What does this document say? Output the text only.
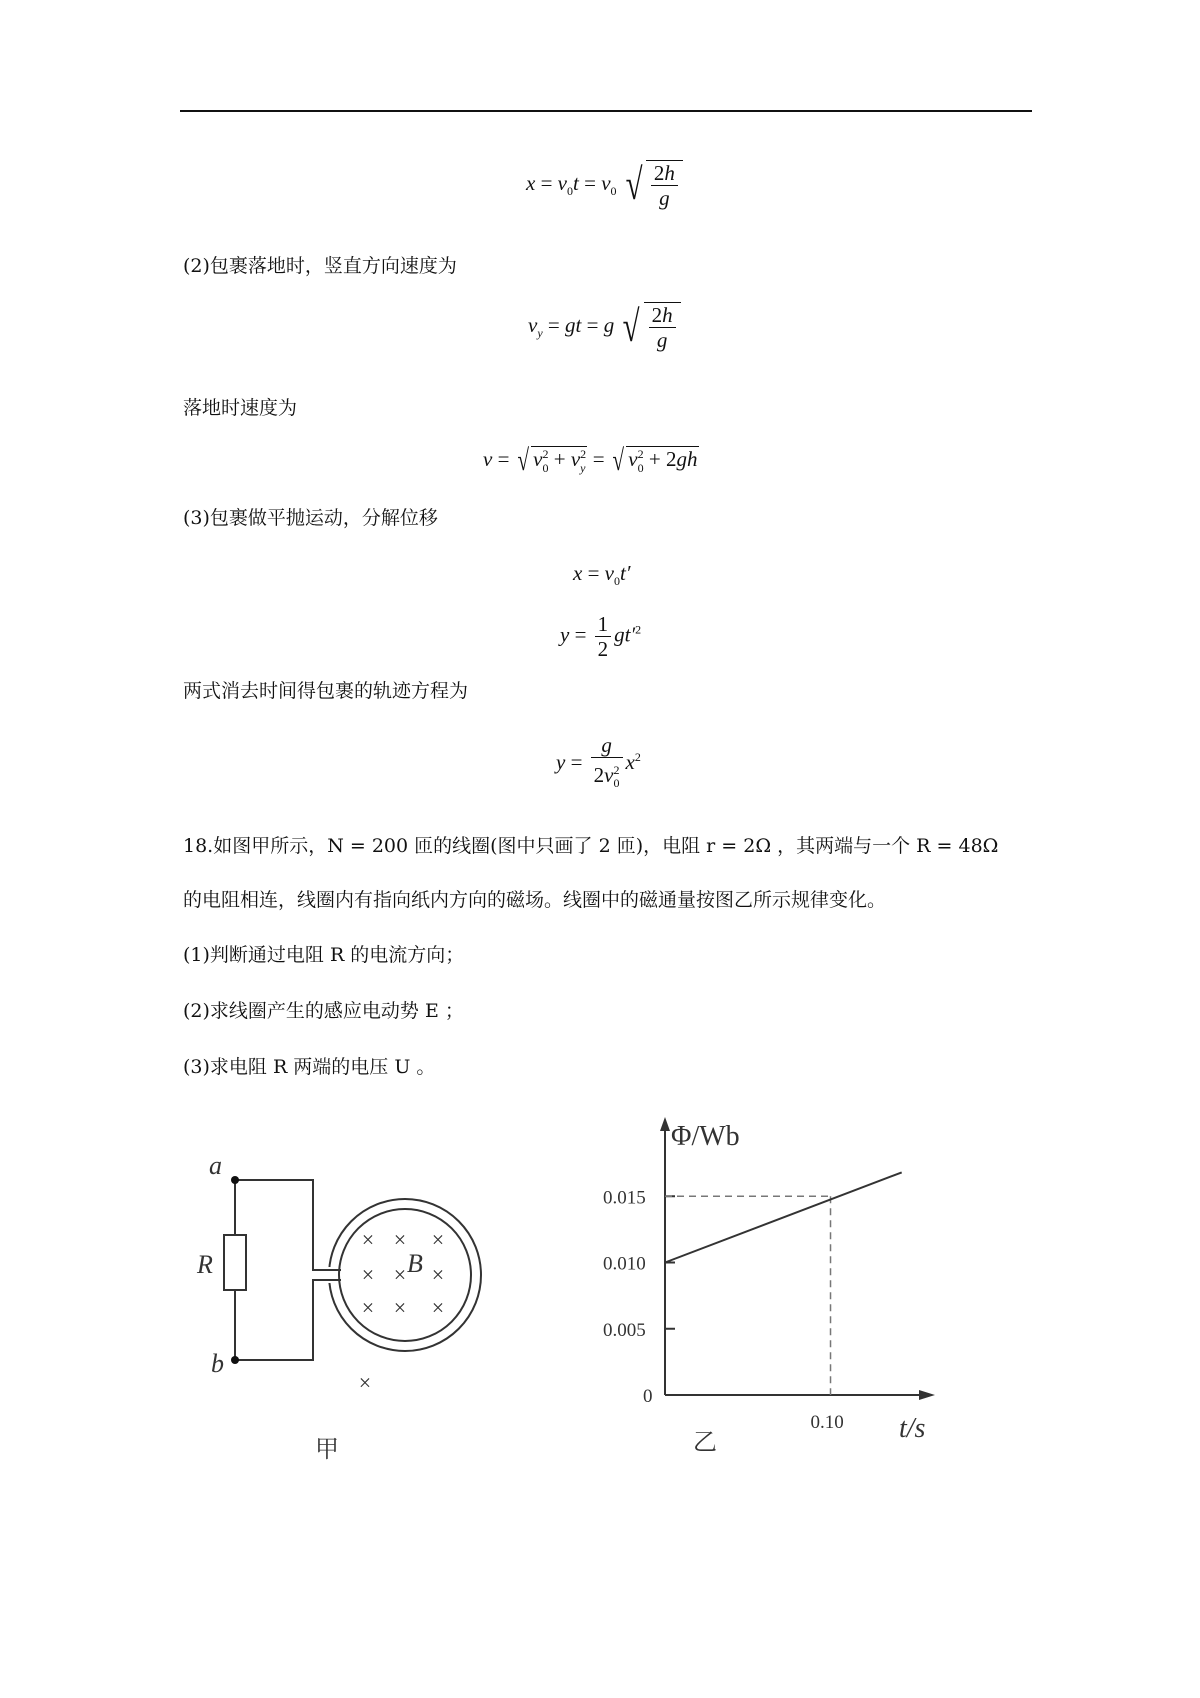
$x = v_0t = v_0$ √ $\frac{2h}{g}$
(2)包裹落地时，竖直方向速度为
$v_y$ = gt = g √ $\frac{2h}{g}$
落地时速度为
v = √ $v^2_0 + v^2_y$ = √ $v^2_0 + 2gh$
(3)包裹做平抛运动，分解位移
$x = v_0t'$
$y = \frac{1}{2} gt'^2$
两式消去时间得包裹的轨迹方程为
$y = \frac{g}{2v^2_0} x^2$
18.如图甲所示，N = 200 匝的线圈(图中只画了 2 匝)，电阻 r = 2Ω ，其两端与一个 R = 48Ω
的电阻相连，线圈内有指向纸内方向的磁场。线圈中的磁通量按图乙所示规律变化。
(1)判断通过电阻 R 的电流方向；
(2)求线圈产生的感应电动势 E ；
(3)求电阻 R 两端的电压 U 。
a
b
R	B
× × ×
× × ×
× × ×
×
甲
0.015
0.010
0.005
0.10
Φ/Wb
t/s
0
乙
